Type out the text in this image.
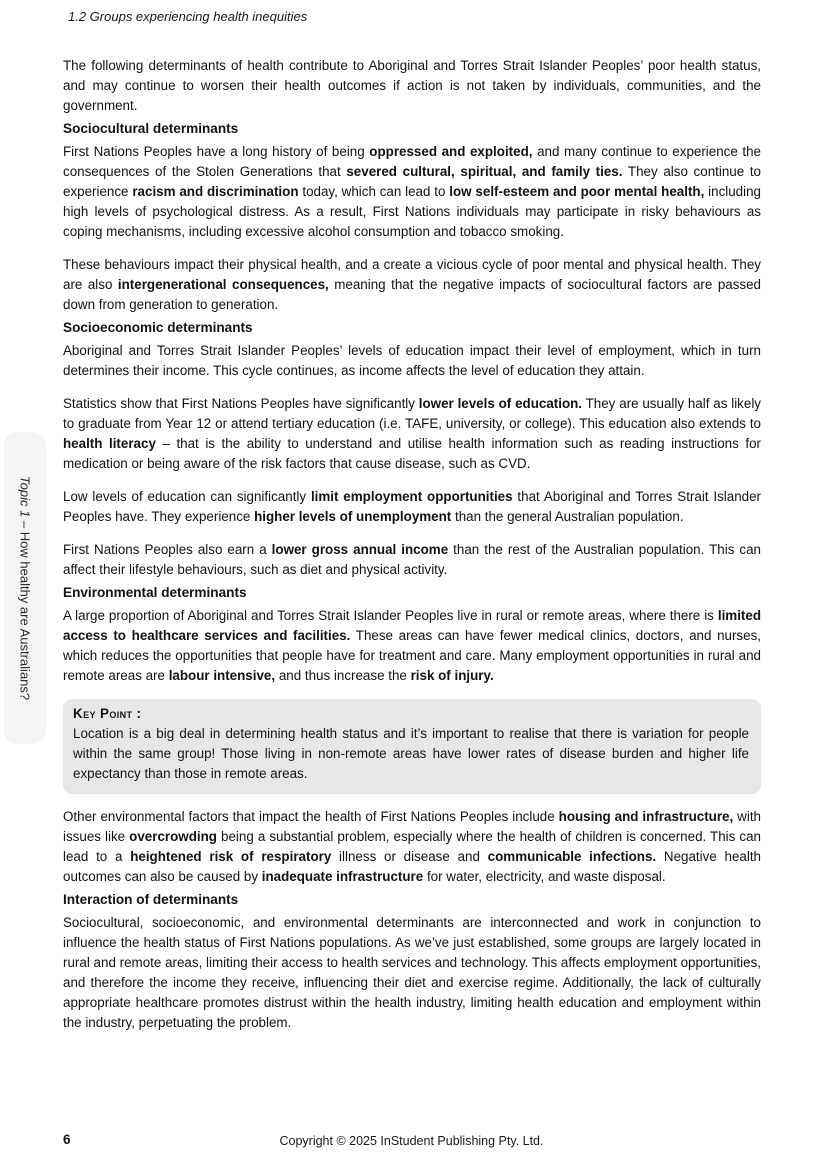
1.2 Groups experiencing health inequities
Topic 1 – How healthy are Australians?

The following determinants of health contribute to Aboriginal and Torres Strait Islander Peoples’ poor health status, and may continue to worsen their health outcomes if action is not taken by individuals, communities, and the government.

Sociocultural determinants

First Nations Peoples have a long history of being oppressed and exploited, and many continue to experience the consequences of the Stolen Generations that severed cultural, spiritual, and family ties. They also continue to experience racism and discrimination today, which can lead to low self-esteem and poor mental health, including high levels of psychological distress. As a result, First Nations individuals may participate in risky behaviours as coping mechanisms, including excessive alcohol consumption and tobacco smoking.

These behaviours impact their physical health, and a create a vicious cycle of poor mental and physical health. They are also intergenerational consequences, meaning that the negative impacts of sociocultural factors are passed down from generation to generation.

Socioeconomic determinants

Aboriginal and Torres Strait Islander Peoples’ levels of education impact their level of employment, which in turn determines their income. This cycle continues, as income affects the level of education they attain.

Statistics show that First Nations Peoples have significantly lower levels of education. They are usually half as likely to graduate from Year 12 or attend tertiary education (i.e. TAFE, university, or college). This education also extends to health literacy – that is the ability to understand and utilise health information such as reading instructions for medication or being aware of the risk factors that cause disease, such as CVD.

Low levels of education can significantly limit employment opportunities that Aboriginal and Torres Strait Islander Peoples have. They experience higher levels of unemployment than the general Australian population.

First Nations Peoples also earn a lower gross annual income than the rest of the Australian population. This can affect their lifestyle behaviours, such as diet and physical activity.

Environmental determinants

A large proportion of Aboriginal and Torres Strait Islander Peoples live in rural or remote areas, where there is limited access to healthcare services and facilities. These areas can have fewer medical clinics, doctors, and nurses, which reduces the opportunities that people have for treatment and care. Many employment opportunities in rural and remote areas are labour intensive, and thus increase the risk of injury.

Key Point :
Location is a big deal in determining health status and it’s important to realise that there is variation for people within the same group! Those living in non-remote areas have lower rates of disease burden and higher life expectancy than those in remote areas.

Other environmental factors that impact the health of First Nations Peoples include housing and infrastructure, with issues like overcrowding being a substantial problem, especially where the health of children is concerned. This can lead to a heightened risk of respiratory illness or disease and communicable infections. Negative health outcomes can also be caused by inadequate infrastructure for water, electricity, and waste disposal.

Interaction of determinants

Sociocultural, socioeconomic, and environmental determinants are interconnected and work in conjunction to influence the health status of First Nations populations. As we’ve just established, some groups are largely located in rural and remote areas, limiting their access to health services and technology. This affects employment opportunities, and therefore the income they receive, influencing their diet and exercise regime. Additionally, the lack of culturally appropriate healthcare promotes distrust within the health industry, limiting health education and employment within the industry, perpetuating the problem.

6	Copyright © 2025 InStudent Publishing Pty. Ltd.
